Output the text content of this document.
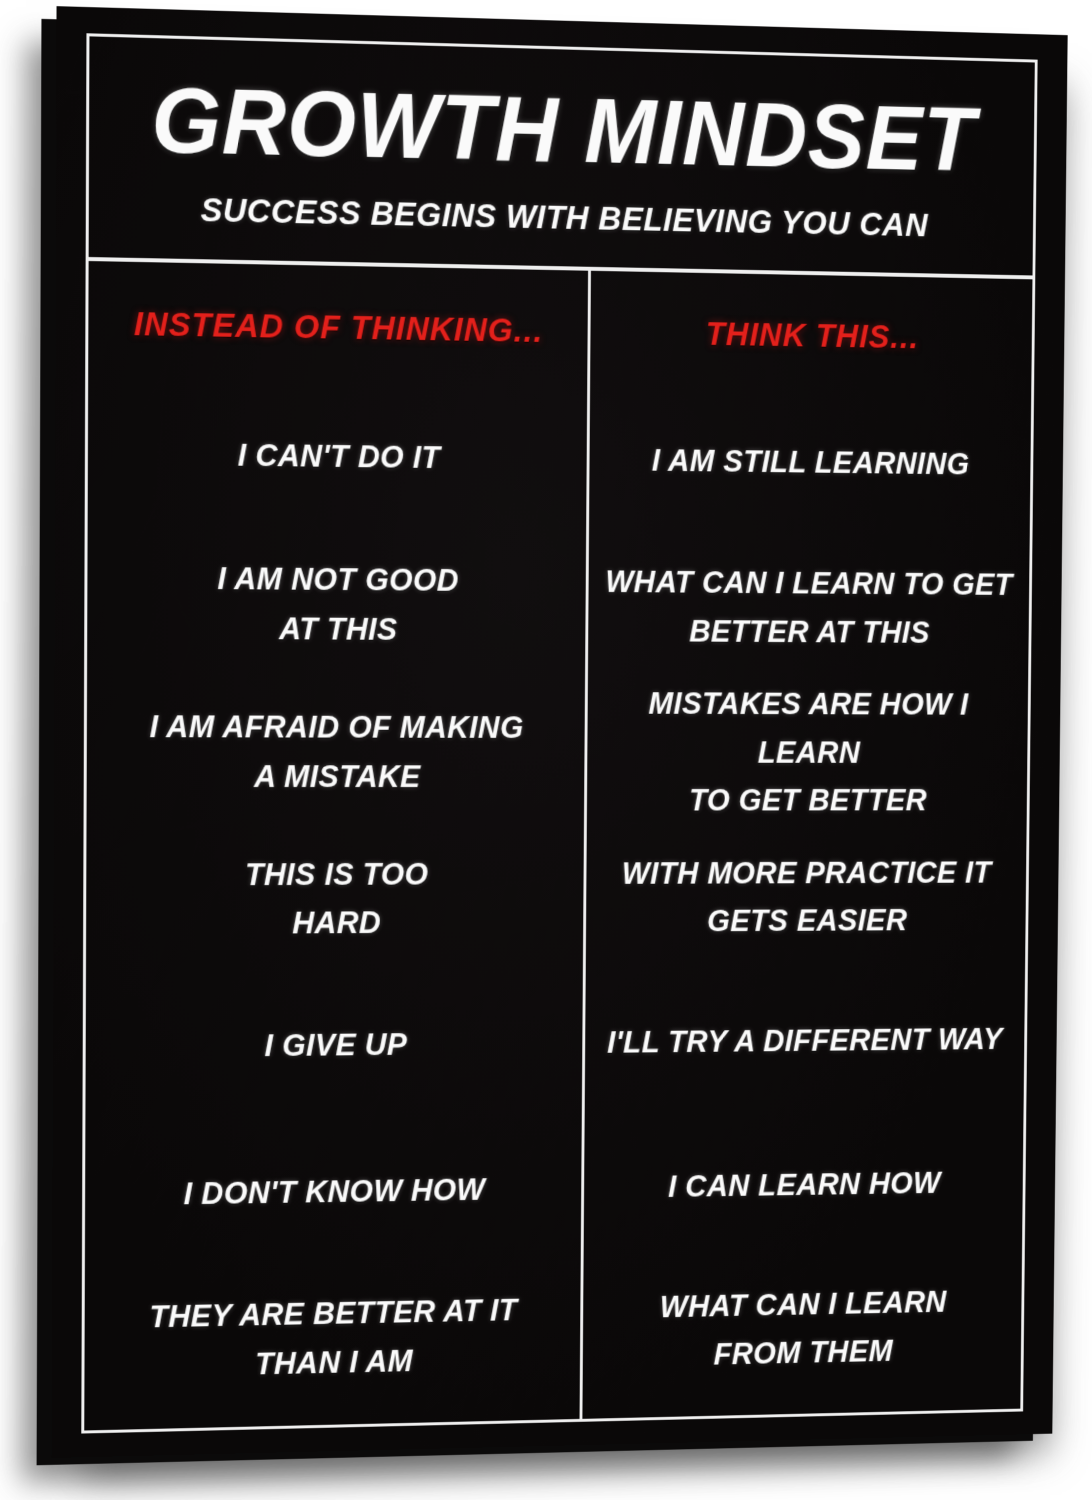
GROWTH MINDSET

SUCCESS BEGINS WITH BELIEVING YOU CAN

INSTEAD OF THINKING...
I CAN'T DO IT
I AM NOT GOOD
AT THIS
I AM AFRAID OF MAKING
A MISTAKE
THIS IS TOO
HARD
I GIVE UP
I DON'T KNOW HOW
THEY ARE BETTER AT IT
THAN I AM
THINK THIS...
I AM STILL LEARNING
WHAT CAN I LEARN TO GET
BETTER AT THIS
MISTAKES ARE HOW I LEARN
TO GET BETTER
WITH MORE PRACTICE IT
GETS EASIER
I'LL TRY A DIFFERENT WAY
I CAN LEARN HOW
WHAT CAN I LEARN
FROM THEM
